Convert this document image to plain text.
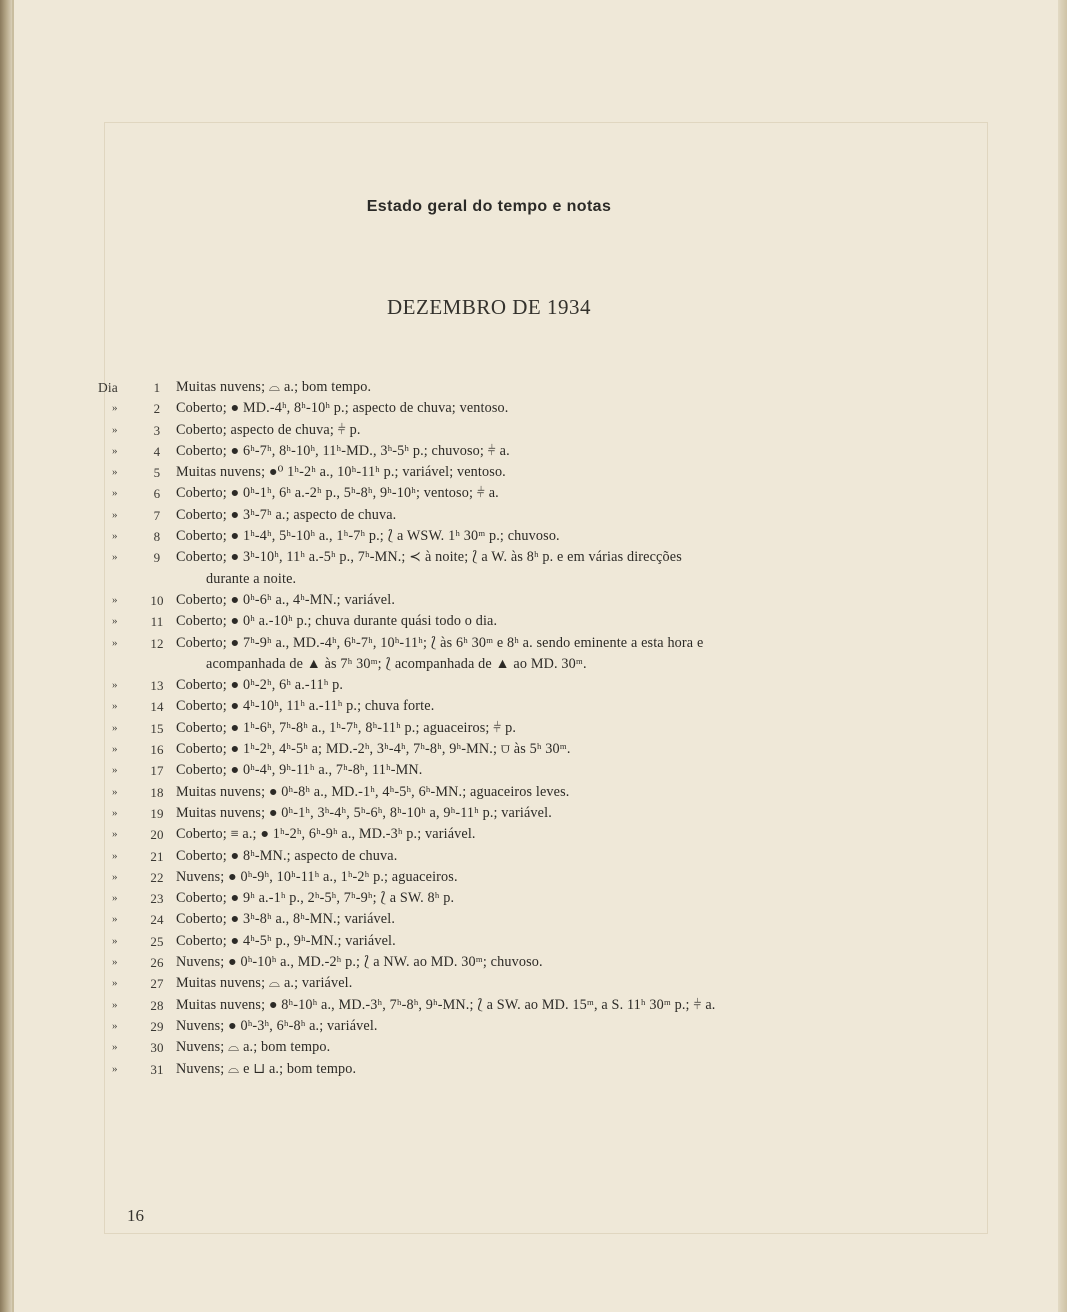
Estado geral do tempo e notas
DEZEMBRO DE 1934
Dia	1	Muitas nuvens; ⌓ a.; bom tempo.
»	2	Coberto; ● MD.-4ʰ, 8ʰ-10ʰ p.; aspecto de chuva; ventoso.
»	3	Coberto; aspecto de chuva; ⫩ p.
»	4	Coberto; ● 6ʰ-7ʰ, 8ʰ-10ʰ, 11ʰ-MD., 3ʰ-5ʰ p.; chuvoso; ⫩ a.
»	5	Muitas nuvens; ●⁰ 1ʰ-2ʰ a., 10ʰ-11ʰ p.; variável; ventoso.
»	6	Coberto; ● 0ʰ-1ʰ, 6ʰ a.-2ʰ p., 5ʰ-8ʰ, 9ʰ-10ʰ; ventoso; ⫩ a.
»	7	Coberto; ● 3ʰ-7ʰ a.; aspecto de chuva.
»	8	Coberto; ● 1ʰ-4ʰ, 5ʰ-10ʰ a., 1ʰ-7ʰ p.; ⟅ a WSW. 1ʰ 30ᵐ p.; chuvoso.
»	9	Coberto; ● 3ʰ-10ʰ, 11ʰ a.-5ʰ p., 7ʰ-MN.; ≺ à noite; ⟅ a W. às 8ʰ p. e em várias direcções
durante a noite.
»	10 Coberto; ● 0ʰ-6ʰ a., 4ʰ-MN.; variável.
»	11 Coberto; ● 0ʰ a.-10ʰ p.; chuva durante quási todo o dia.
»	12 Coberto; ● 7ʰ-9ʰ a., MD.-4ʰ, 6ʰ-7ʰ, 10ʰ-11ʰ; ⟅ às 6ʰ 30ᵐ e 8ʰ a. sendo eminente a esta hora e
acompanhada de ▲ às 7ʰ 30ᵐ; ⟅ acompanhada de ▲ ao MD. 30ᵐ.
»	13 Coberto; ● 0ʰ-2ʰ, 6ʰ a.-11ʰ p.
»	14 Coberto; ● 4ʰ-10ʰ, 11ʰ a.-11ʰ p.; chuva forte.
»	15 Coberto; ● 1ʰ-6ʰ, 7ʰ-8ʰ a., 1ʰ-7ʰ, 8ʰ-11ʰ p.; aguaceiros; ⫩ p.
»	16 Coberto; ● 1ʰ-2ʰ, 4ʰ-5ʰ a; MD.-2ʰ, 3ʰ-4ʰ, 7ʰ-8ʰ, 9ʰ-MN.; ⩌ às 5ʰ 30ᵐ.
»	17 Coberto; ● 0ʰ-4ʰ, 9ʰ-11ʰ a., 7ʰ-8ʰ, 11ʰ-MN.
»	18 Muitas nuvens; ● 0ʰ-8ʰ a., MD.-1ʰ, 4ʰ-5ʰ, 6ʰ-MN.; aguaceiros leves.
»	19 Muitas nuvens; ● 0ʰ-1ʰ, 3ʰ-4ʰ, 5ʰ-6ʰ, 8ʰ-10ʰ a, 9ʰ-11ʰ p.; variável.
»	20 Coberto; ≡ a.; ● 1ʰ-2ʰ, 6ʰ-9ʰ a., MD.-3ʰ p.; variável.
»	21 Coberto; ● 8ʰ-MN.; aspecto de chuva.
»	22 Nuvens; ● 0ʰ-9ʰ, 10ʰ-11ʰ a., 1ʰ-2ʰ p.; aguaceiros.
»	23 Coberto; ● 9ʰ a.-1ʰ p., 2ʰ-5ʰ, 7ʰ-9ʰ; ⟅ a SW. 8ʰ p.
»	24 Coberto; ● 3ʰ-8ʰ a., 8ʰ-MN.; variável.
»	25 Coberto; ● 4ʰ-5ʰ p., 9ʰ-MN.; variável.
»	26 Nuvens; ● 0ʰ-10ʰ a., MD.-2ʰ p.; ⟅ a NW. ao MD. 30ᵐ; chuvoso.
»	27 Muitas nuvens; ⌓ a.; variável.
»	28 Muitas nuvens; ● 8ʰ-10ʰ a., MD.-3ʰ, 7ʰ-8ʰ, 9ʰ-MN.; ⟅ a SW. ao MD. 15ᵐ, a S. 11ʰ 30ᵐ p.; ⫩ a.
»	29 Nuvens; ● 0ʰ-3ʰ, 6ʰ-8ʰ a.; variável.
»	30 Nuvens; ⌓ a.; bom tempo.
»	31 Nuvens; ⌓ e ⊔ a.; bom tempo.
16
